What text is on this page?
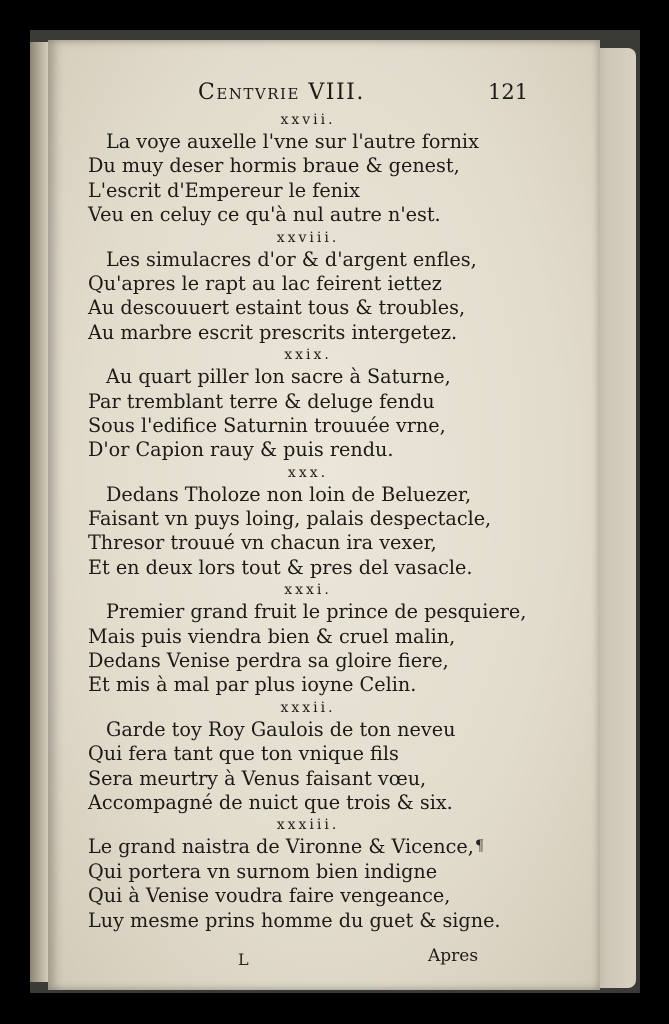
Centvrie VIII.	121
xxvii.
La voye auxelle l'vne sur l'autre fornix
Du muy deser hormis braue & genest,
L'escrit d'Empereur le fenix
Veu en celuy ce qu'à nul autre n'est.
xxviii.
Les simulacres d'or & d'argent enfles,
Qu'apres le rapt au lac feirent iettez
Au descouuert estaint tous & troubles,
Au marbre escrit prescrits intergetez.
xxix.
Au quart piller lon sacre à Saturne,
Par tremblant terre & deluge fendu
Sous l'edifice Saturnin trouuée vrne,
D'or Capion rauy & puis rendu.
xxx.
Dedans Tholoze non loin de Beluezer,
Faisant vn puys loing, palais despectacle,
Thresor trouué vn chacun ira vexer,
Et en deux lors tout & pres del vasacle.
xxxi.
Premier grand fruit le prince de pesquiere,
Mais puis viendra bien & cruel malin,
Dedans Venise perdra sa gloire fiere,
Et mis à mal par plus ioyne Celin.
xxxii.
Garde toy Roy Gaulois de ton neveu
Qui fera tant que ton vnique fils
Sera meurtry à Venus faisant vœu,
Accompagné de nuict que trois & six.
xxxiii.
Le grand naistra de Vironne & Vicence,
Qui portera vn surnom bien indigne
Qui à Venise voudra faire vengeance,
Luy mesme prins homme du guet & signe.
¶
L	Apres
